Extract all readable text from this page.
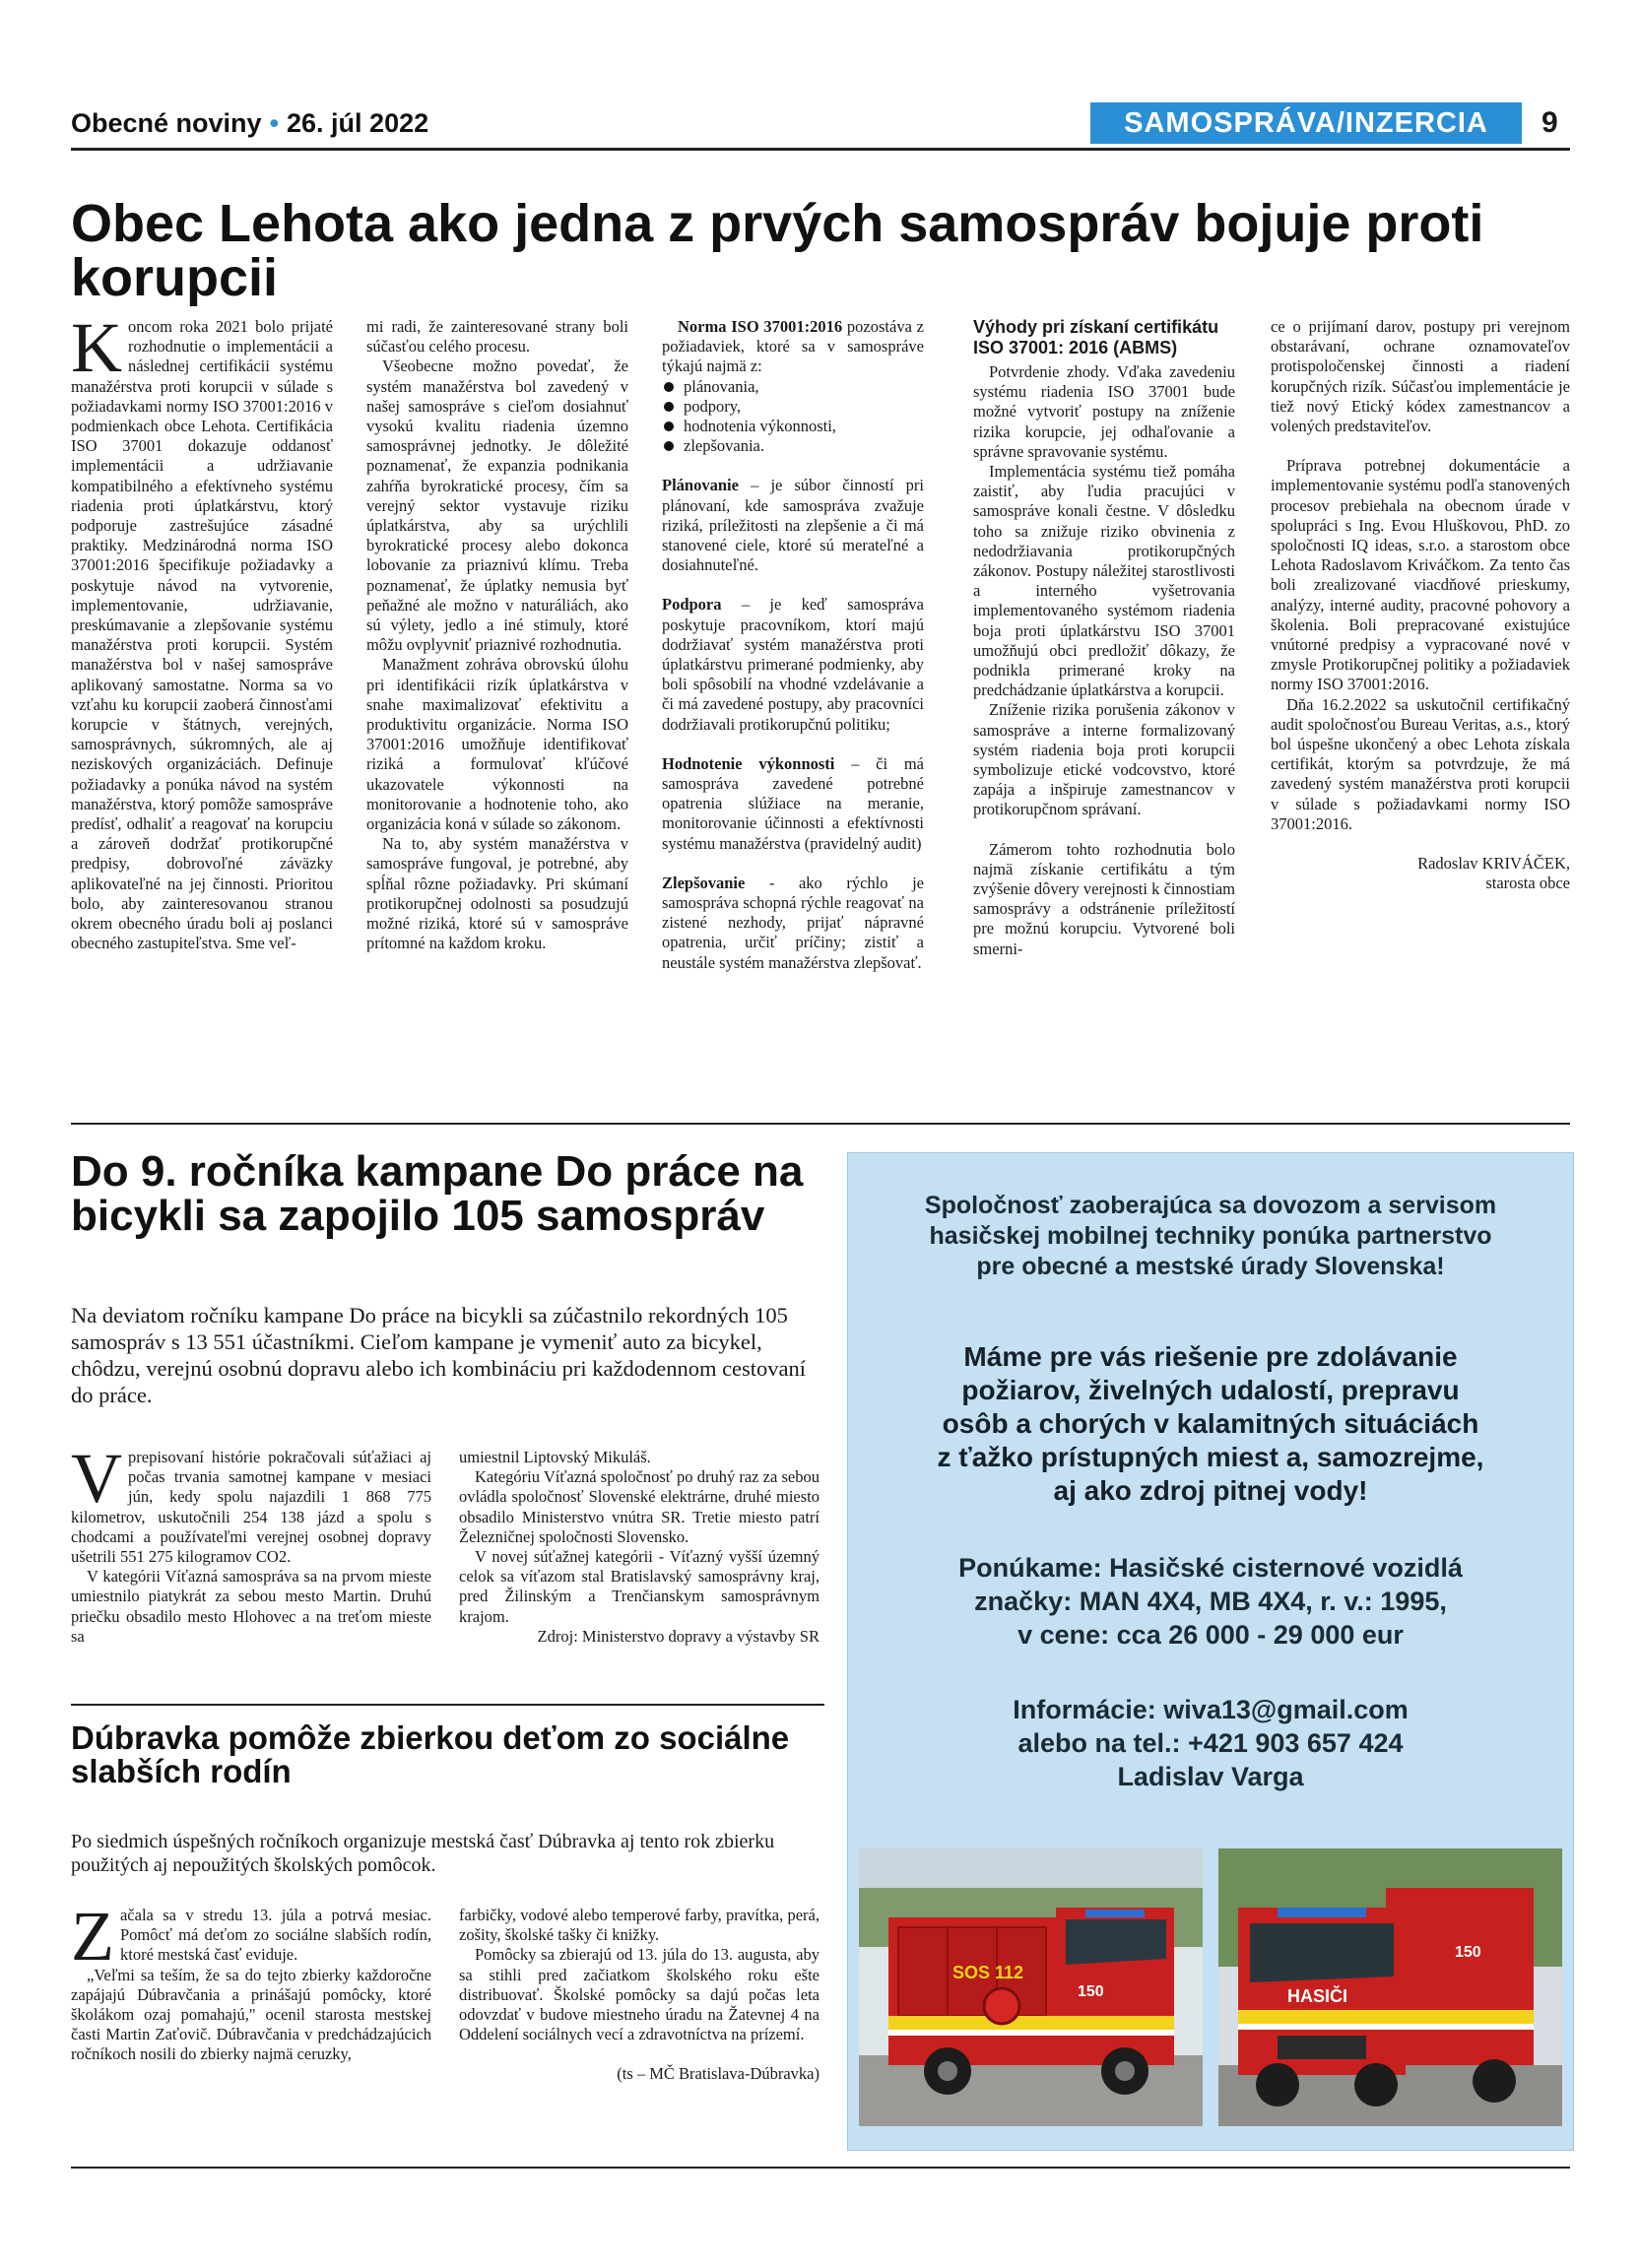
Obecné noviny • 26. júl 2022	SAMOSPRÁVA/INZERCIA	9
Obec Lehota ako jedna z prvých samospráv bojuje proti korupcii

Koncom roka 2021 bolo prijaté rozhodnutie o implementácii a následnej certifikácii systému manažérstva proti korupcii v súlade s požiadavkami normy ISO 37001:2016 v podmienkach obce Lehota. Certifikácia ISO 37001 dokazuje oddanosť implementácii a udržiavanie kompatibilného a efektívneho systému riadenia proti úplatkárstvu, ktorý podporuje zastrešujúce zásadné praktiky. Medzinárodná norma ISO 37001:2016 špecifikuje požiadavky a poskytuje návod na vytvorenie, implementovanie, udržiavanie, preskúmavanie a zlepšovanie systému manažérstva proti korupcii. Systém manažérstva bol v našej samospráve aplikovaný samostatne. Norma sa vo vzťahu ku korupcii zaoberá činnosťami korupcie v štátnych, verejných, samosprávnych, súkromných, ale aj neziskových organizáciách. Definuje požiadavky a ponúka návod na systém manažérstva, ktorý pomôže samospráve predísť, odhaliť a reagovať na korupciu a zároveň dodržať protikorupčné predpisy, dobrovoľné záväzky aplikovateľné na jej činnosti. Prioritou bolo, aby zainteresovanou stranou okrem obecného úradu boli aj poslanci obecného zastupiteľstva. Sme veľ-

mi radi, že zainteresované strany boli súčasťou celého procesu.

Všeobecne možno povedať, že systém manažérstva bol zavedený v našej samospráve s cieľom dosiahnuť vysokú kvalitu riadenia územno samosprávnej jednotky. Je dôležité poznamenať, že expanzia podnikania zahŕňa byrokratické procesy, čím sa verejný sektor vystavuje riziku úplatkárstva, aby sa urýchlili byrokratické procesy alebo dokonca lobovanie za priaznivú klímu. Treba poznamenať, že úplatky nemusia byť peňažné ale možno v naturáliách, ako sú výlety, jedlo a iné stimuly, ktoré môžu ovplyvniť priaznivé rozhodnutia.

Manažment zohráva obrovskú úlohu pri identifikácii rizík úplatkárstva v snahe maximalizovať efektivitu a produktivitu organizácie. Norma ISO 37001:2016 umožňuje identifikovať riziká a formulovať kľúčové ukazovatele výkonnosti na monitorovanie a hodnotenie toho, ako organizácia koná v súlade so zákonom.

Na to, aby systém manažérstva v samospráve fungoval, je potrebné, aby spĺňal rôzne požiadavky. Pri skúmaní protikorupčnej odolnosti sa posudzujú možné riziká, ktoré sú v samospráve prítomné na každom kroku.

Norma ISO 37001:2016 pozostáva z požiadaviek, ktoré sa v samospráve týkajú najmä z:

plánovania,
podpory,
hodnotenia výkonnosti,
zlepšovania.

Plánovanie – je súbor činností pri plánovaní, kde samospráva zvažuje riziká, príležitosti na zlepšenie a či má stanovené ciele, ktoré sú merateľné a dosiahnuteľné.

Podpora – je keď samospráva poskytuje pracovníkom, ktorí majú dodržiavať systém manažérstva proti úplatkárstvu primerané podmienky, aby boli spôsobilí na vhodné vzdelávanie a či má zavedené postupy, aby pracovníci dodržiavali protikorupčnú politiku;

Hodnotenie výkonnosti – či má samospráva zavedené potrebné opatrenia slúžiace na meranie, monitorovanie účinnosti a efektívnosti systému manažérstva (pravidelný audit)

Zlepšovanie - ako rýchlo je samospráva schopná rýchle reagovať na zistené nezhody, prijať nápravné opatrenia, určiť príčiny; zistiť a neustále systém manažérstva zlepšovať.

Výhody pri získaní certifikátu ISO 37001: 2016 (ABMS)

Potvrdenie zhody. Vďaka zavedeniu systému riadenia ISO 37001 bude možné vytvoriť postupy na zníženie rizika korupcie, jej odhaľovanie a správne spravovanie systému.

Implementácia systému tiež pomáha zaistiť, aby ľudia pracujúci v samospráve konali čestne. V dôsledku toho sa znižuje riziko obvinenia z nedodržiavania protikorupčných zákonov. Postupy náležitej starostlivosti a interného vyšetrovania implementovaného systémom riadenia boja proti úplatkárstvu ISO 37001 umožňujú obci predložiť dôkazy, že podnikla primerané kroky na predchádzanie úplatkárstva a korupcii.

Zníženie rizika porušenia zákonov v samospráve a interne formalizovaný systém riadenia boja proti korupcii symbolizuje etické vodcovstvo, ktoré zapája a inšpiruje zamestnancov v protikorupčnom správaní.

Zámerom tohto rozhodnutia bolo najmä získanie certifikátu a tým zvýšenie dôvery verejnosti k činnostiam samosprávy a odstránenie príležitostí pre možnú korupciu. Vytvorené boli smerni-

ce o prijímaní darov, postupy pri verejnom obstarávaní, ochrane oznamovateľov protispoločenskej činnosti a riadení korupčných rizík. Súčasťou implementácie je tiež nový Etický kódex zamestnancov a volených predstaviteľov.

Príprava potrebnej dokumentácie a implementovanie systému podľa stanovených procesov prebiehala na obecnom úrade v spolupráci s Ing. Evou Hluškovou, PhD. zo spoločnosti IQ ideas, s.r.o. a starostom obce Lehota Radoslavom Kriváčkom. Za tento čas boli zrealizované viacdňové prieskumy, analýzy, interné audity, pracovné pohovory a školenia. Boli prepracované existujúce vnútorné predpisy a vypracované nové v zmysle Protikorupčnej politiky a požiadaviek normy ISO 37001:2016.

Dňa 16.2.2022 sa uskutočnil certifikačný audit spoločnosťou Bureau Veritas, a.s., ktorý bol úspešne ukončený a obec Lehota získala certifikát, ktorým sa potvrdzuje, že má zavedený systém manažérstva proti korupcii v súlade s požiadavkami normy ISO 37001:2016.

Radoslav KRIVÁČEK,

starosta obce

Do 9. ročníka kampane Do práce na bicykli sa zapojilo 105 samospráv
Na deviatom ročníku kampane Do práce na bicykli sa zúčastnilo rekordných 105 samospráv s 13 551 účastníkmi. Cieľom kampane je vymeniť auto za bicykel, chôdzu, verejnú osobnú dopravu alebo ich kombináciu pri každodennom cestovaní do práce.

Vprepisovaní histórie pokračovali súťažiaci aj počas trvania samotnej kampane v mesiaci jún, kedy spolu najazdili 1 868 775 kilometrov, uskutočnili 254 138 jázd a spolu s chodcami a používateľmi verejnej osobnej dopravy ušetrili 551 275 kilogramov CO2.

V kategórii Víťazná samospráva sa na prvom mieste umiestnilo piatykrát za sebou mesto Martin. Druhú priečku obsadilo mesto Hlohovec a na treťom mieste sa

umiestnil Liptovský Mikuláš.

Kategóriu Víťazná spoločnosť po druhý raz za sebou ovládla spoločnosť Slovenské elektrárne, druhé miesto obsadilo Ministerstvo vnútra SR. Tretie miesto patrí Železničnej spoločnosti Slovensko.

V novej súťažnej kategórii - Víťazný vyšší územný celok sa víťazom stal Bratislavský samosprávny kraj, pred Žilinským a Trenčianskym samosprávnym krajom.

Zdroj: Ministerstvo dopravy a výstavby SR

Dúbravka pomôže zbierkou deťom zo sociálne slabších rodín
Po siedmich úspešných ročníkoch organizuje mestská časť Dúbravka aj tento rok zbierku použitých aj nepoužitých školských pomôcok.

Začala sa v stredu 13. júla a potrvá mesiac. Pomôcť má deťom zo sociálne slabších rodín, ktoré mestská časť eviduje.

„Veľmi sa teším, že sa do tejto zbierky každoročne zapájajú Dúbravčania a prinášajú pomôcky, ktoré školákom ozaj pomahajú," ocenil starosta mestskej časti Martin Zaťovič. Dúbravčania v predchádzajúcich ročníkoch nosili do zbierky najmä ceruzky,

farbičky, vodové alebo temperové farby, pravítka, perá, zošity, školské tašky či knižky.

Pomôcky sa zbierajú od 13. júla do 13. augusta, aby sa stihli pred začiatkom školského roku ešte distribuovať. Školské pomôcky sa dajú počas leta odovzdať v budove miestneho úradu na Žatevnej 4 na Oddelení sociálnych vecí a zdravotníctva na prízemí.

(ts – MČ Bratislava-Dúbravka)

Spoločnosť zaoberajúca sa dovozom a servisom
hasičskej mobilnej techniky ponúka partnerstvo
pre obecné a mestské úrady Slovenska!
Máme pre vás riešenie pre zdolávanie
požiarov, živelných udalostí, prepravu
osôb a chorých v kalamitných situáciách
z ťažko prístupných miest a, samozrejme,
aj ako zdroj pitnej vody!
Ponúkame: Hasičské cisternové vozidlá
značky: MAN 4X4, MB 4X4, r. v.: 1995,
v cene: cca 26 000 - 29 000 eur
Informácie: wiva13@gmail.com
alebo na tel.: +421 903 657 424
Ladislav Varga
SOS 112
150	HASIČI
150
